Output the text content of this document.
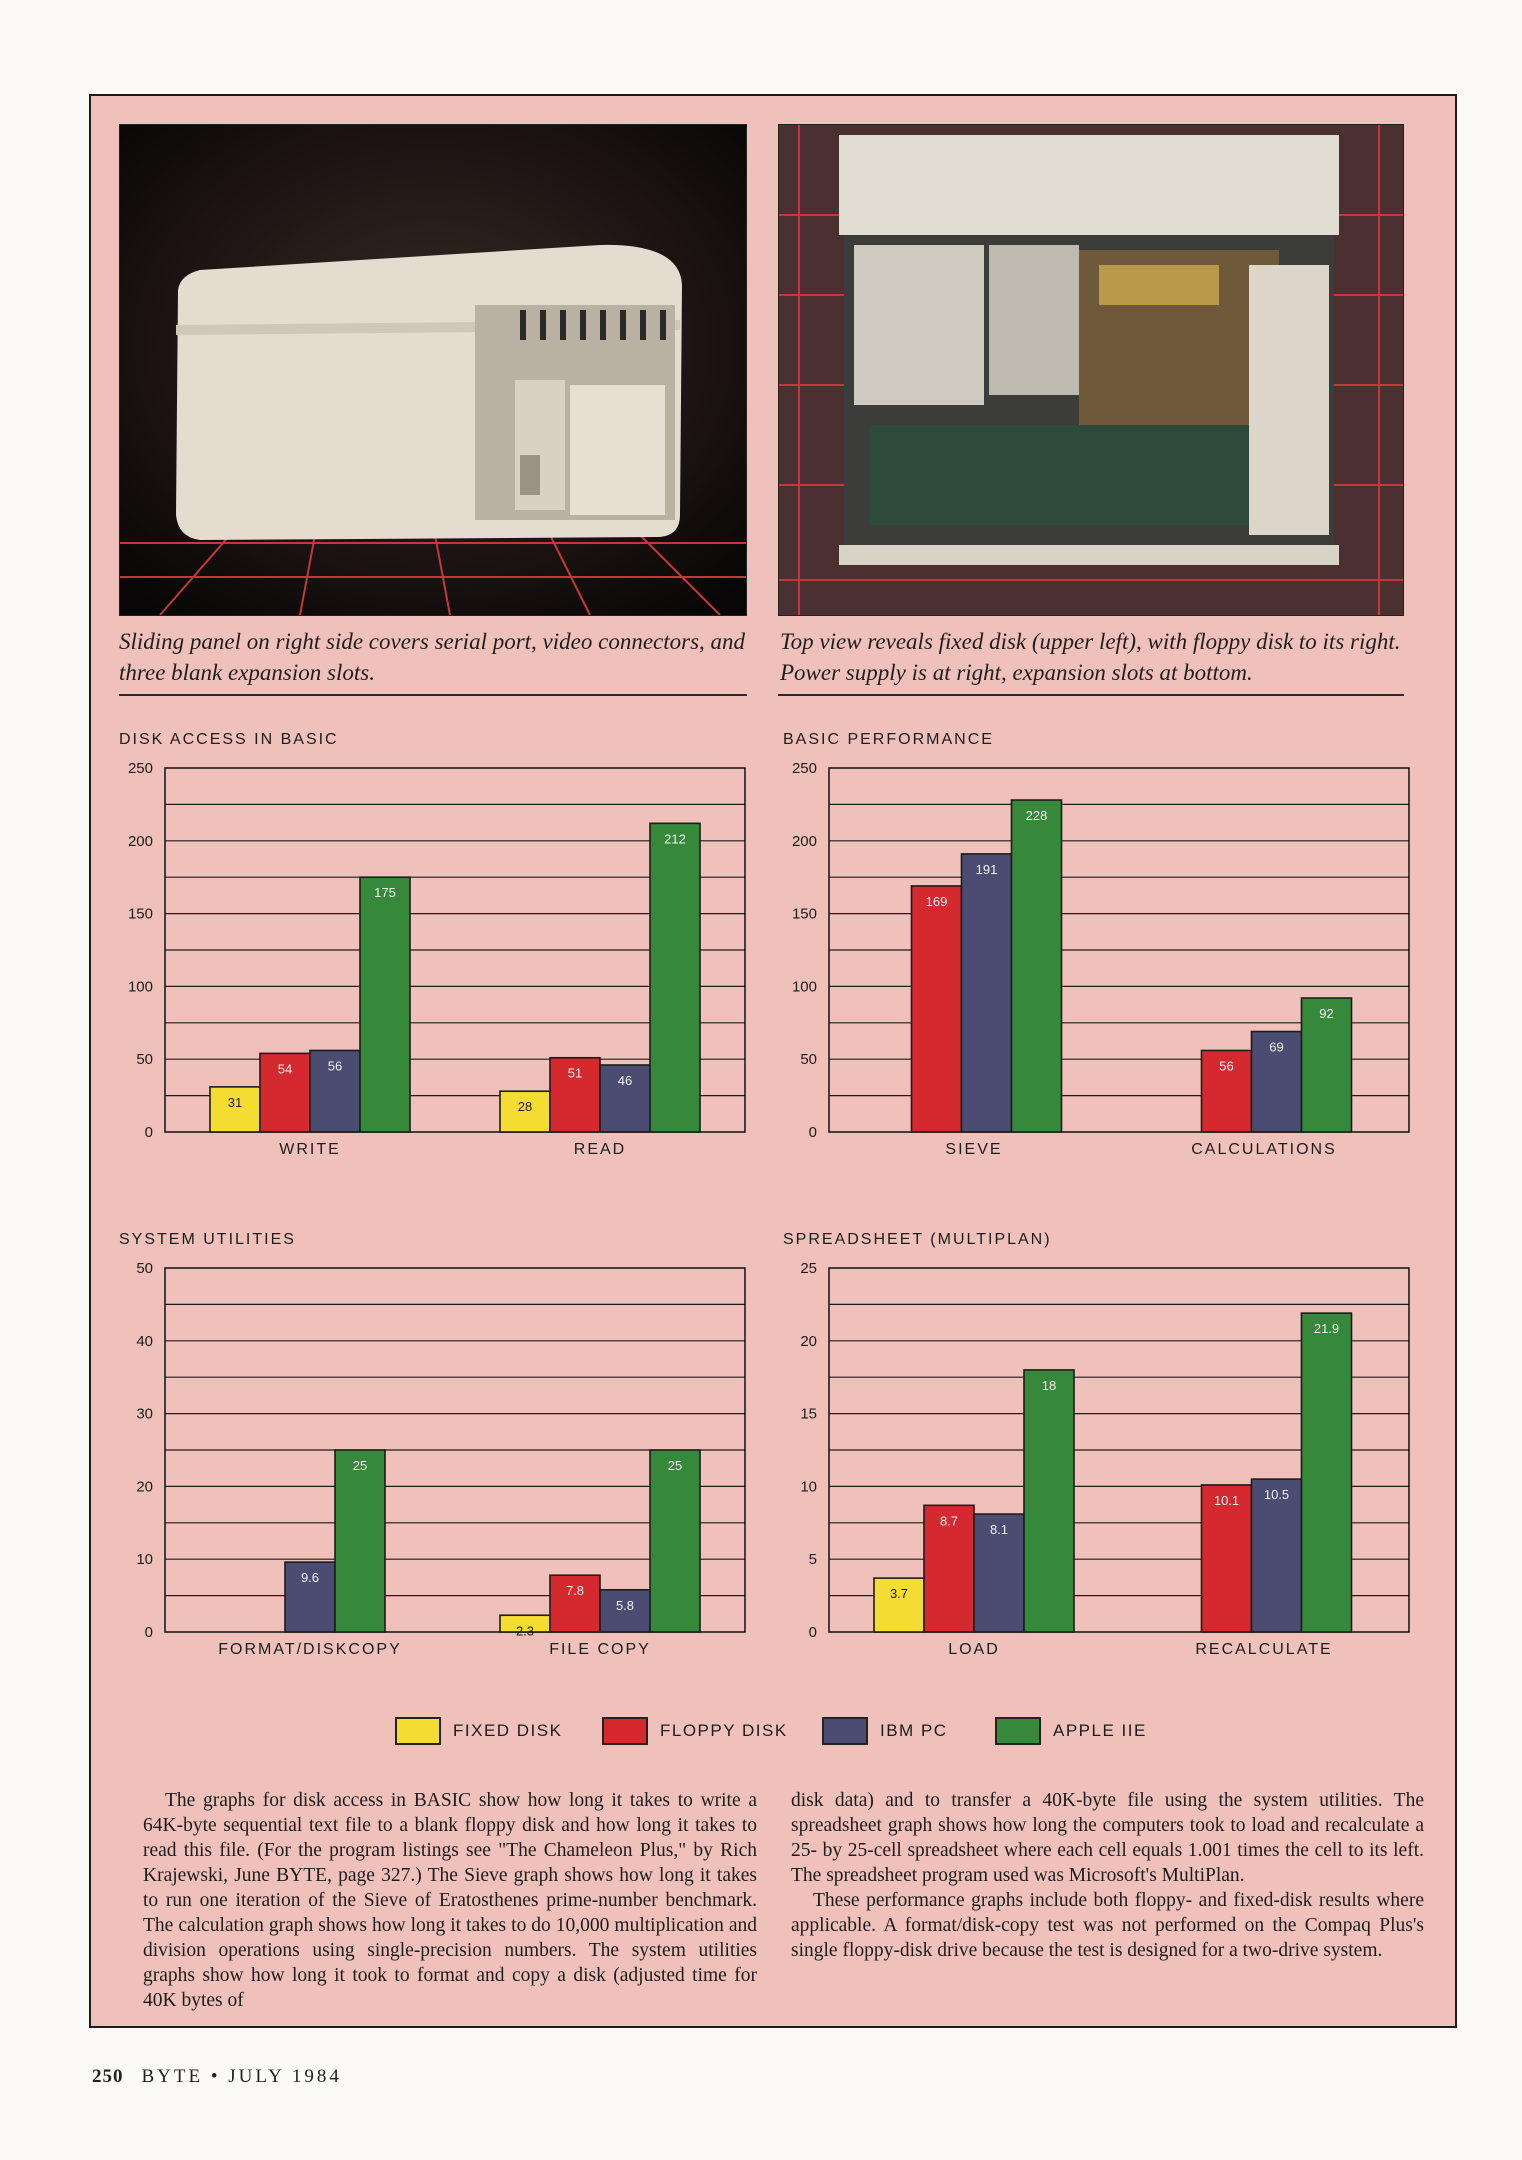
Sliding panel on right side covers serial port, video connectors, and three blank expansion slots.
Top view reveals fixed disk (upper left), with floppy disk to its right. Power supply is at right, expansion slots at bottom.
DISK ACCESS IN BASIC
0
50
100
150
200
250
31
54	56
175
WRITE
28
51	46
212
READ
BASIC PERFORMANCE
0
50
100
150
200
250
169
191
228
SIEVE
56
69
92
CALCULATIONS
SYSTEM UTILITIES
0
10
20
30
40
50
9.6
25
FORMAT/DISKCOPY
2.3
7.8
5.8
25
FILE COPY
SPREADSHEET (MULTIPLAN)
0
5
10
15
20
25
3.7
8.7
8.1
18
LOAD
10.1 10.5
21.9
RECALCULATE
FIXED DISK	FLOPPY DISK	IBM PC	APPLE IIE

The graphs for disk access in BASIC show how long it takes to write a 64K-byte sequential text file to a blank floppy disk and how long it takes to read this file. (For the program listings see "The Chameleon Plus," by Rich Krajewski, June BYTE, page 327.) The Sieve graph shows how long it takes to run one iteration of the Sieve of Eratosthenes prime-number benchmark. The calculation graph shows how long it takes to do 10,000 multiplication and division operations using single-precision numbers. The system utilities graphs show how long it took to format and copy a disk (adjusted time for 40K bytes of

disk data) and to transfer a 40K-byte file using the system utilities. The spreadsheet graph shows how long the computers took to load and recalculate a 25- by 25-cell spreadsheet where each cell equals 1.001 times the cell to its left. The spreadsheet program used was Microsoft's MultiPlan.

These performance graphs include both floppy- and fixed-disk results where applicable. A format/disk-copy test was not performed on the Compaq Plus's single floppy-disk drive because the test is designed for a two-drive system.

250 BYTE • JULY 1984
